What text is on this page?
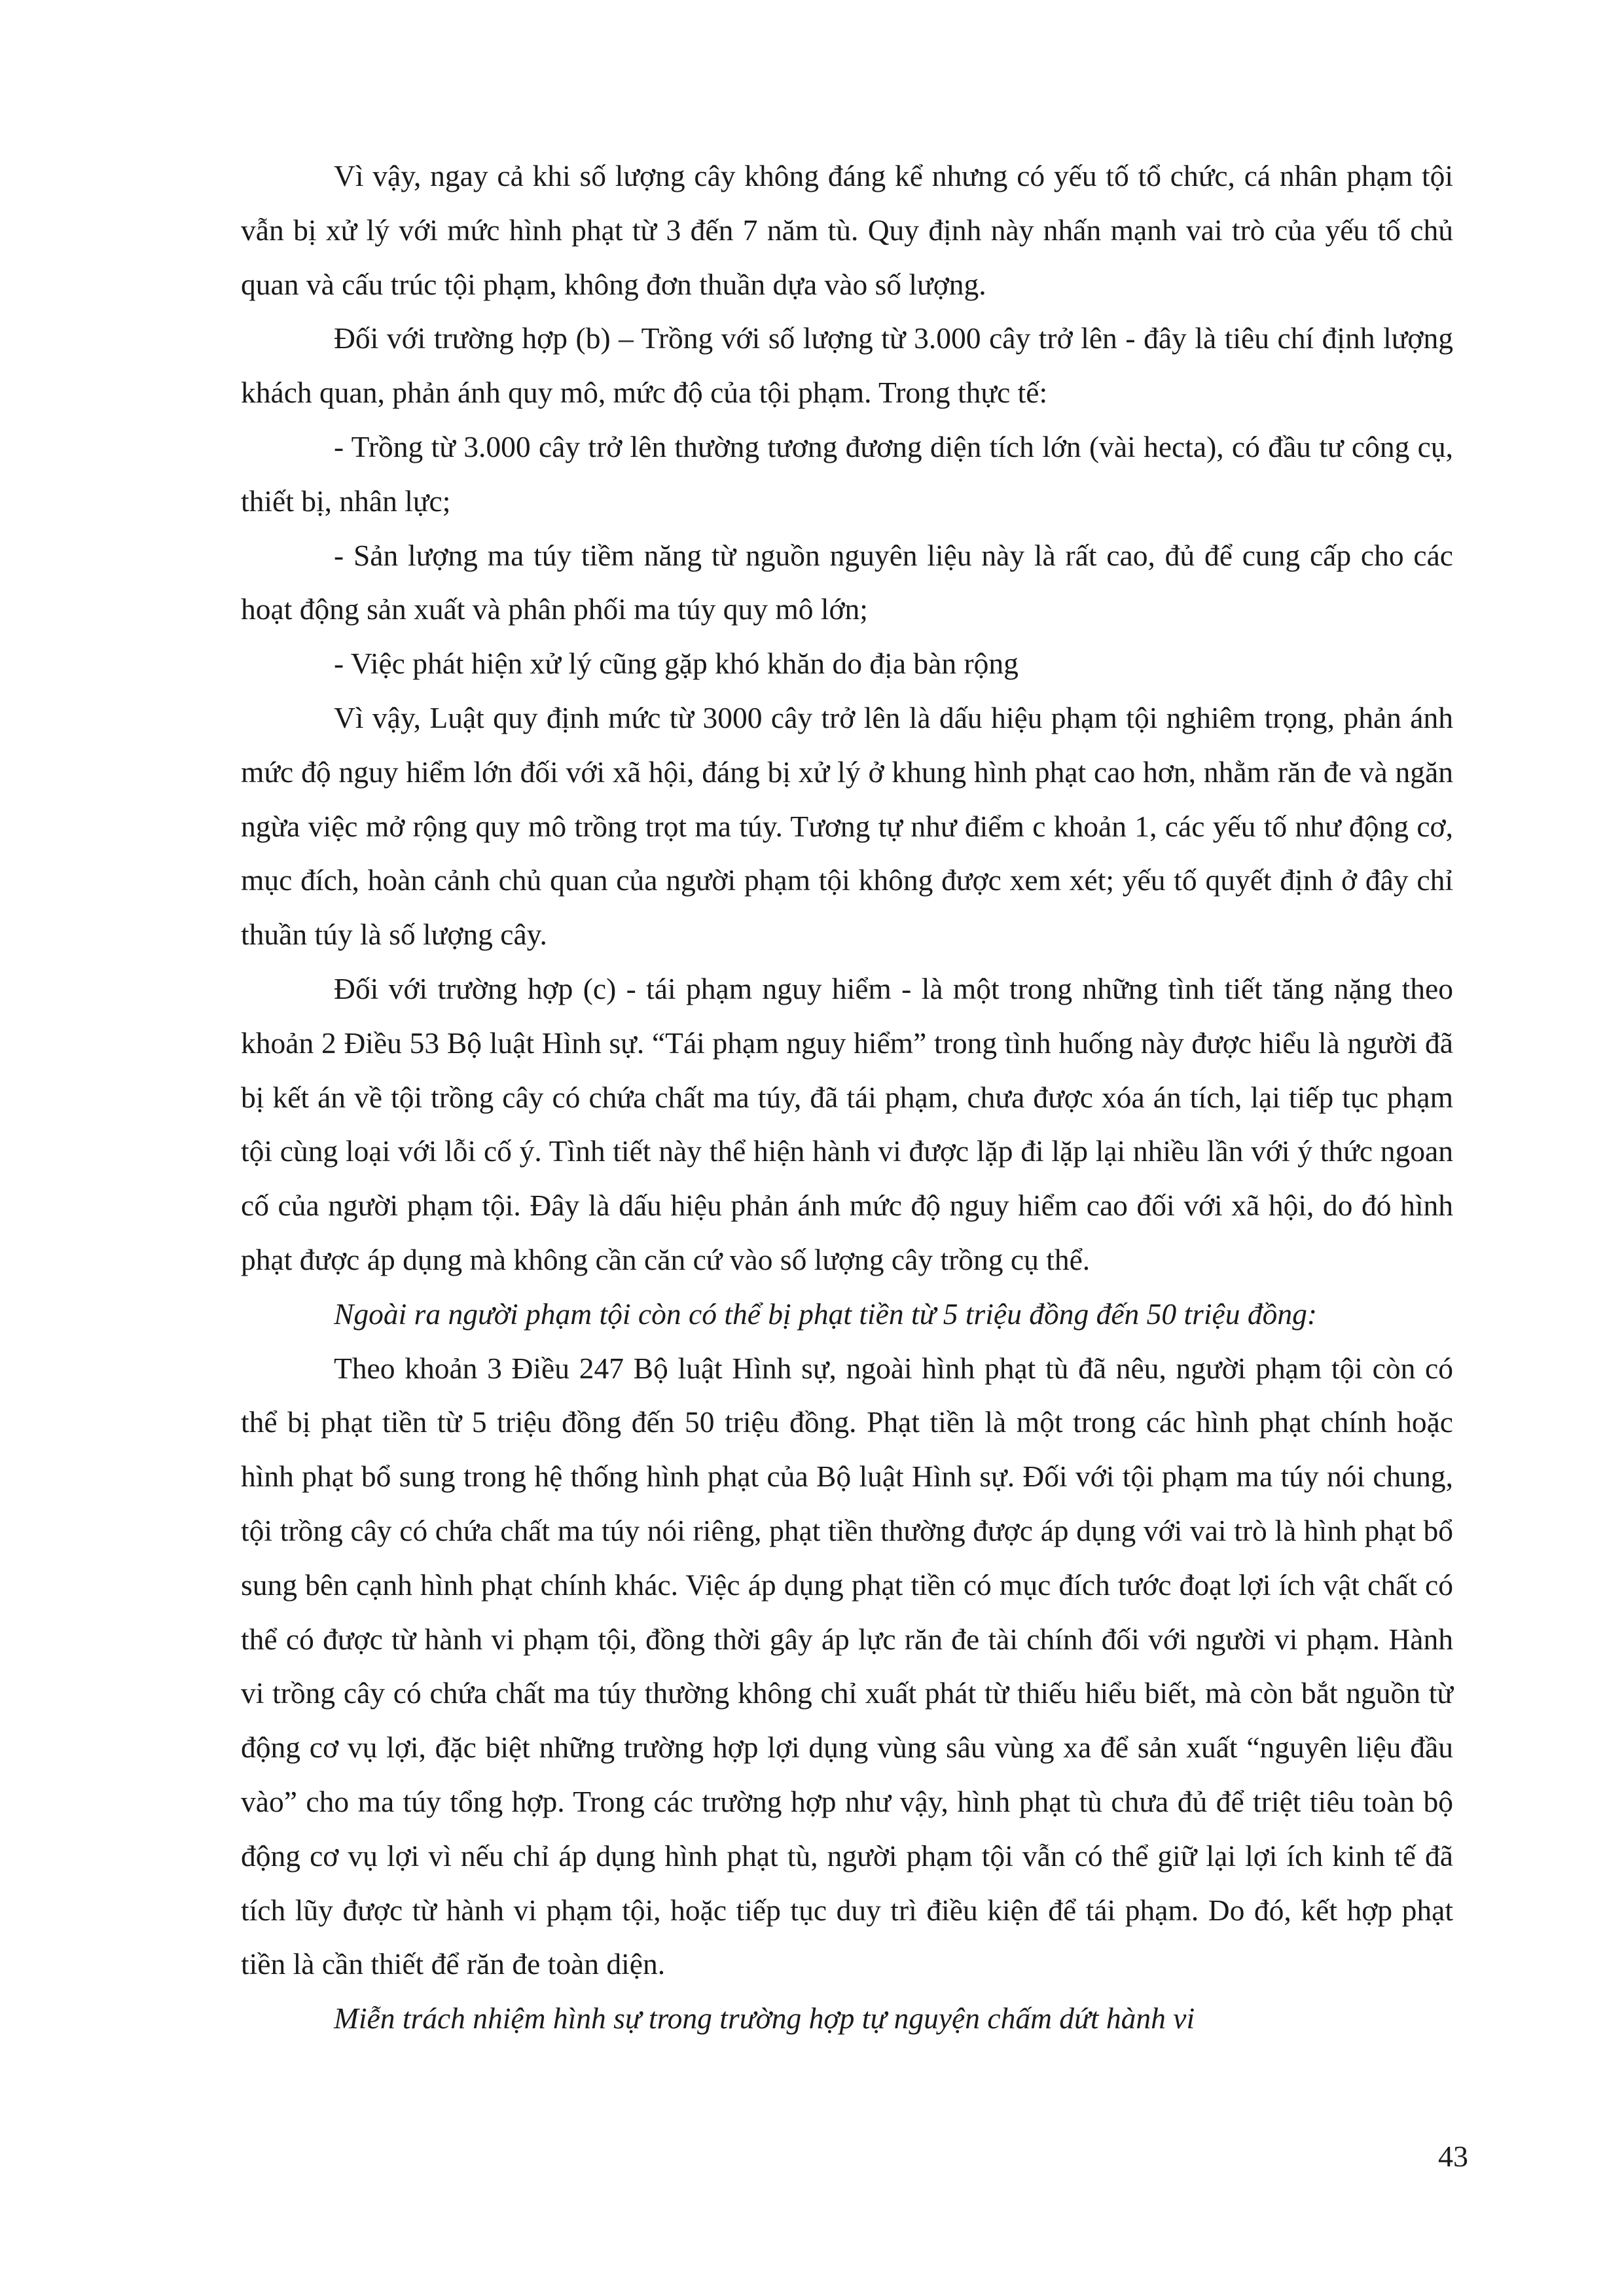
Vì vậy, ngay cả khi số lượng cây không đáng kể nhưng có yếu tố tổ chức, cá nhân phạm tội vẫn bị xử lý với mức hình phạt từ 3 đến 7 năm tù. Quy định này nhấn mạnh vai trò của yếu tố chủ quan và cấu trúc tội phạm, không đơn thuần dựa vào số lượng.

Đối với trường hợp (b) – Trồng với số lượng từ 3.000 cây trở lên - đây là tiêu chí định lượng khách quan, phản ánh quy mô, mức độ của tội phạm. Trong thực tế:

- Trồng từ 3.000 cây trở lên thường tương đương diện tích lớn (vài hecta), có đầu tư công cụ, thiết bị, nhân lực;

- Sản lượng ma túy tiềm năng từ nguồn nguyên liệu này là rất cao, đủ để cung cấp cho các hoạt động sản xuất và phân phối ma túy quy mô lớn;

- Việc phát hiện xử lý cũng gặp khó khăn do địa bàn rộng

Vì vậy, Luật quy định mức từ 3000 cây trở lên là dấu hiệu phạm tội nghiêm trọng, phản ánh mức độ nguy hiểm lớn đối với xã hội, đáng bị xử lý ở khung hình phạt cao hơn, nhằm răn đe và ngăn ngừa việc mở rộng quy mô trồng trọt ma túy. Tương tự như điểm c khoản 1, các yếu tố như động cơ, mục đích, hoàn cảnh chủ quan của người phạm tội không được xem xét; yếu tố quyết định ở đây chỉ thuần túy là số lượng cây.

Đối với trường hợp (c) - tái phạm nguy hiểm - là một trong những tình tiết tăng nặng theo khoản 2 Điều 53 Bộ luật Hình sự. “Tái phạm nguy hiểm” trong tình huống này được hiểu là người đã bị kết án về tội trồng cây có chứa chất ma túy, đã tái phạm, chưa được xóa án tích, lại tiếp tục phạm tội cùng loại với lỗi cố ý. Tình tiết này thể hiện hành vi được lặp đi lặp lại nhiều lần với ý thức ngoan cố của người phạm tội. Đây là dấu hiệu phản ánh mức độ nguy hiểm cao đối với xã hội, do đó hình phạt được áp dụng mà không cần căn cứ vào số lượng cây trồng cụ thể.

Ngoài ra người phạm tội còn có thể bị phạt tiền từ 5 triệu đồng đến 50 triệu đồng:

Theo khoản 3 Điều 247 Bộ luật Hình sự, ngoài hình phạt tù đã nêu, người phạm tội còn có thể bị phạt tiền từ 5 triệu đồng đến 50 triệu đồng. Phạt tiền là một trong các hình phạt chính hoặc hình phạt bổ sung trong hệ thống hình phạt của Bộ luật Hình sự. Đối với tội phạm ma túy nói chung, tội trồng cây có chứa chất ma túy nói riêng, phạt tiền thường được áp dụng với vai trò là hình phạt bổ sung bên cạnh hình phạt chính khác. Việc áp dụng phạt tiền có mục đích tước đoạt lợi ích vật chất có thể có được từ hành vi phạm tội, đồng thời gây áp lực răn đe tài chính đối với người vi phạm. Hành vi trồng cây có chứa chất ma túy thường không chỉ xuất phát từ thiếu hiểu biết, mà còn bắt nguồn từ động cơ vụ lợi, đặc biệt những trường hợp lợi dụng vùng sâu vùng xa để sản xuất “nguyên liệu đầu vào” cho ma túy tổng hợp. Trong các trường hợp như vậy, hình phạt tù chưa đủ để triệt tiêu toàn bộ động cơ vụ lợi vì nếu chỉ áp dụng hình phạt tù, người phạm tội vẫn có thể giữ lại lợi ích kinh tế đã tích lũy được từ hành vi phạm tội, hoặc tiếp tục duy trì điều kiện để tái phạm. Do đó, kết hợp phạt tiền là cần thiết để răn đe toàn diện.

Miễn trách nhiệm hình sự trong trường hợp tự nguyện chấm dứt hành vi

43
